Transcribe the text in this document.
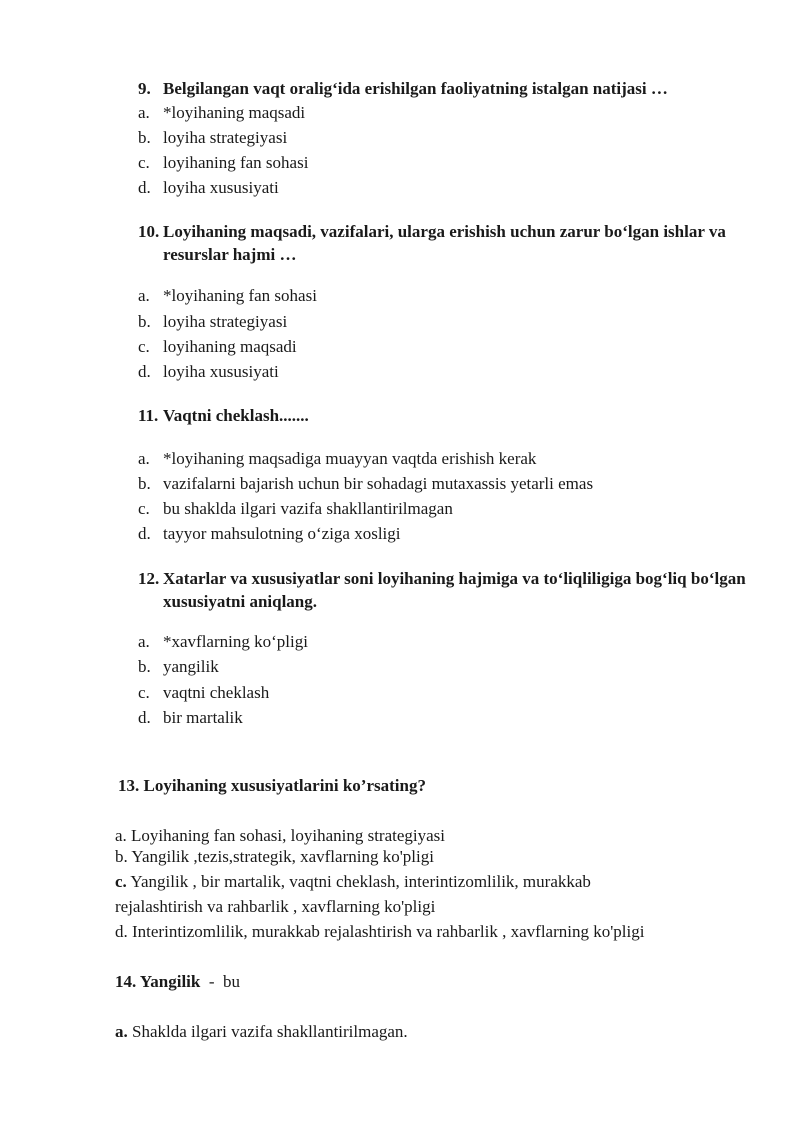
9. Belgilangan vaqt oralig‘ida erishilgan faoliyatning istalgan natijasi …
a. *loyihaning maqsadi
b. loyiha strategiyasi
c. loyihaning fan sohasi
d. loyiha xususiyati
10. Loyihaning maqsadi, vazifalari, ularga erishish uchun zarur bo‘lgan ishlar va resurslar hajmi …
a. *loyihaning fan sohasi
b. loyiha strategiyasi
c. loyihaning maqsadi
d. loyiha xususiyati
11. Vaqtni cheklash.......
a. *loyihaning maqsadiga muayyan vaqtda erishish kerak
b. vazifalarni bajarish uchun bir sohadagi mutaxassis yetarli emas
c. bu shaklda ilgari vazifa shakllantirilmagan
d. tayyor mahsulotning o‘ziga xosligi
12. Xatarlar va xususiyatlar soni loyihaning hajmiga va to‘liqliligiga bog‘liq bo‘lgan xususiyatni aniqlang.
a. *xavflarning ko‘pligi
b. yangilik
c. vaqtni cheklash
d. bir martalik
13. Loyihaning xususiyatlarini ko’rsating?
a. Loyihaning fan sohasi, loyihaning strategiyasi
b. Yangilik ,tezis,strategik, xavflarning ko'pligi
c. Yangilik , bir martalik, vaqtni cheklash, interintizomlilik, murakkab
rejalashtirish va rahbarlik , xavflarning ko'pligi
d. Interintizomlilik, murakkab rejalashtirish va rahbarlik , xavflarning ko'pligi
14. Yangilik  -  bu
a. Shaklda ilgari vazifa shakllantirilmagan.
